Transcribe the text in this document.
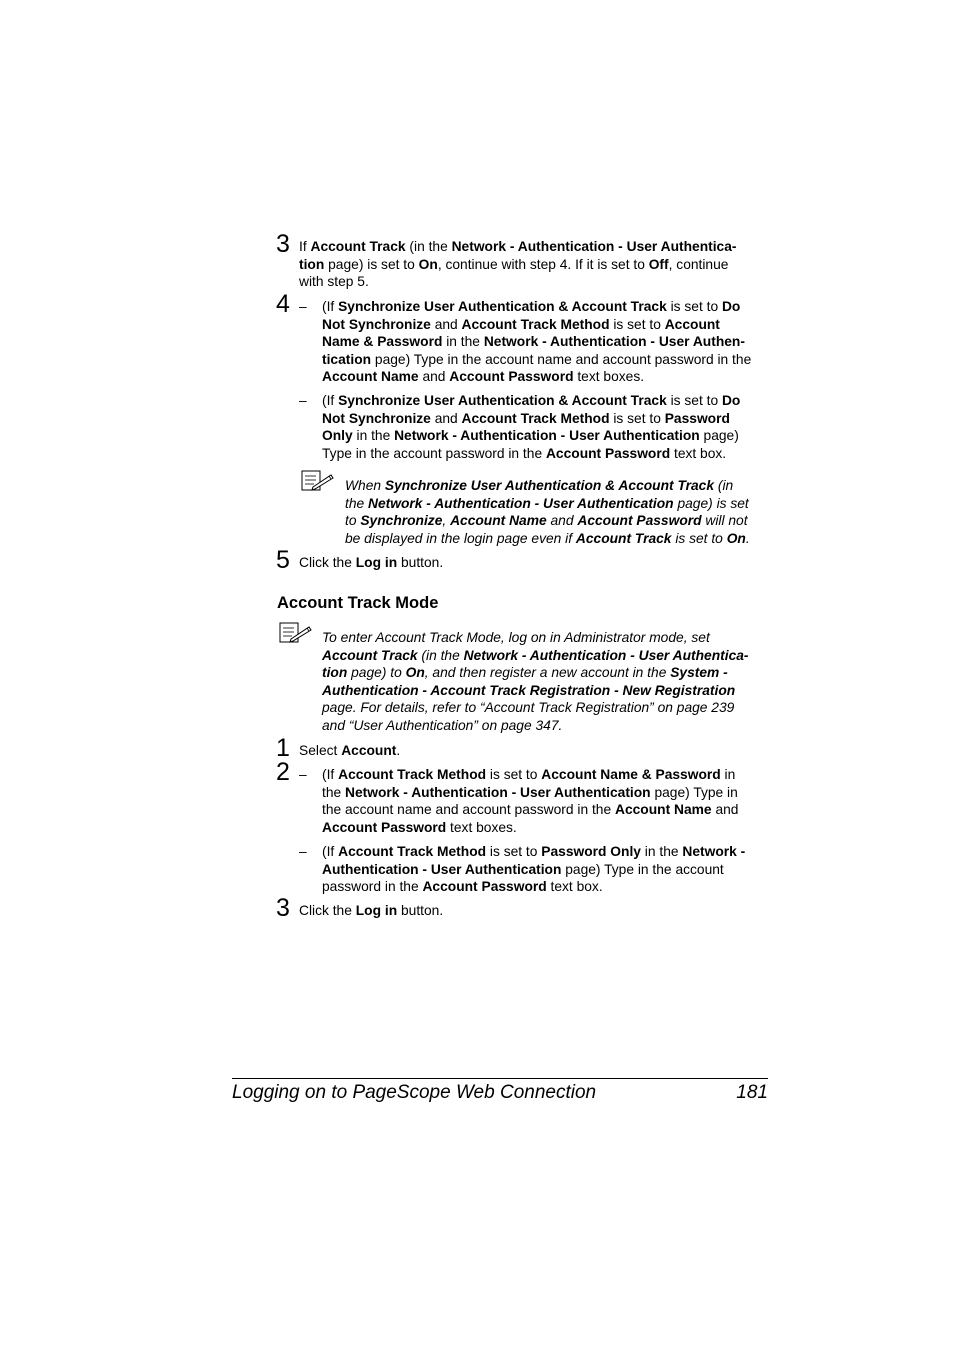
3 If Account Track (in the Network - Authentication - User Authentica-
tion page) is set to On, continue with step 4. If it is set to Off, continue
with step 5.

4 – (If Synchronize User Authentication & Account Track is set to Do
Not Synchronize and Account Track Method is set to Account
Name & Password in the Network - Authentication - User Authen-
tication page) Type in the account name and account password in the
Account Name and Account Password text boxes.

– (If Synchronize User Authentication & Account Track is set to Do
Not Synchronize and Account Track Method is set to Password
Only in the Network - Authentication - User Authentication page)
Type in the account password in the Account Password text box.

When Synchronize User Authentication & Account Track (in
the Network - Authentication - User Authentication page) is set
to Synchronize, Account Name and Account Password will not
be displayed in the login page even if Account Track is set to On.

5 Click the Log in button.

Account Track Mode

To enter Account Track Mode, log on in Administrator mode, set
Account Track (in the Network - Authentication - User Authentica-
tion page) to On, and then register a new account in the System -
Authentication - Account Track Registration - New Registration
page. For details, refer to “Account Track Registration” on page 239
and “User Authentication” on page 347.

1 Select Account.

2 – (If Account Track Method is set to Account Name & Password in
the Network - Authentication - User Authentication page) Type in
the account name and account password in the Account Name and
Account Password text boxes.

– (If Account Track Method is set to Password Only in the Network -
Authentication - User Authentication page) Type in the account
password in the Account Password text box.

3 Click the Log in button.

Logging on to PageScope Web Connection	181
